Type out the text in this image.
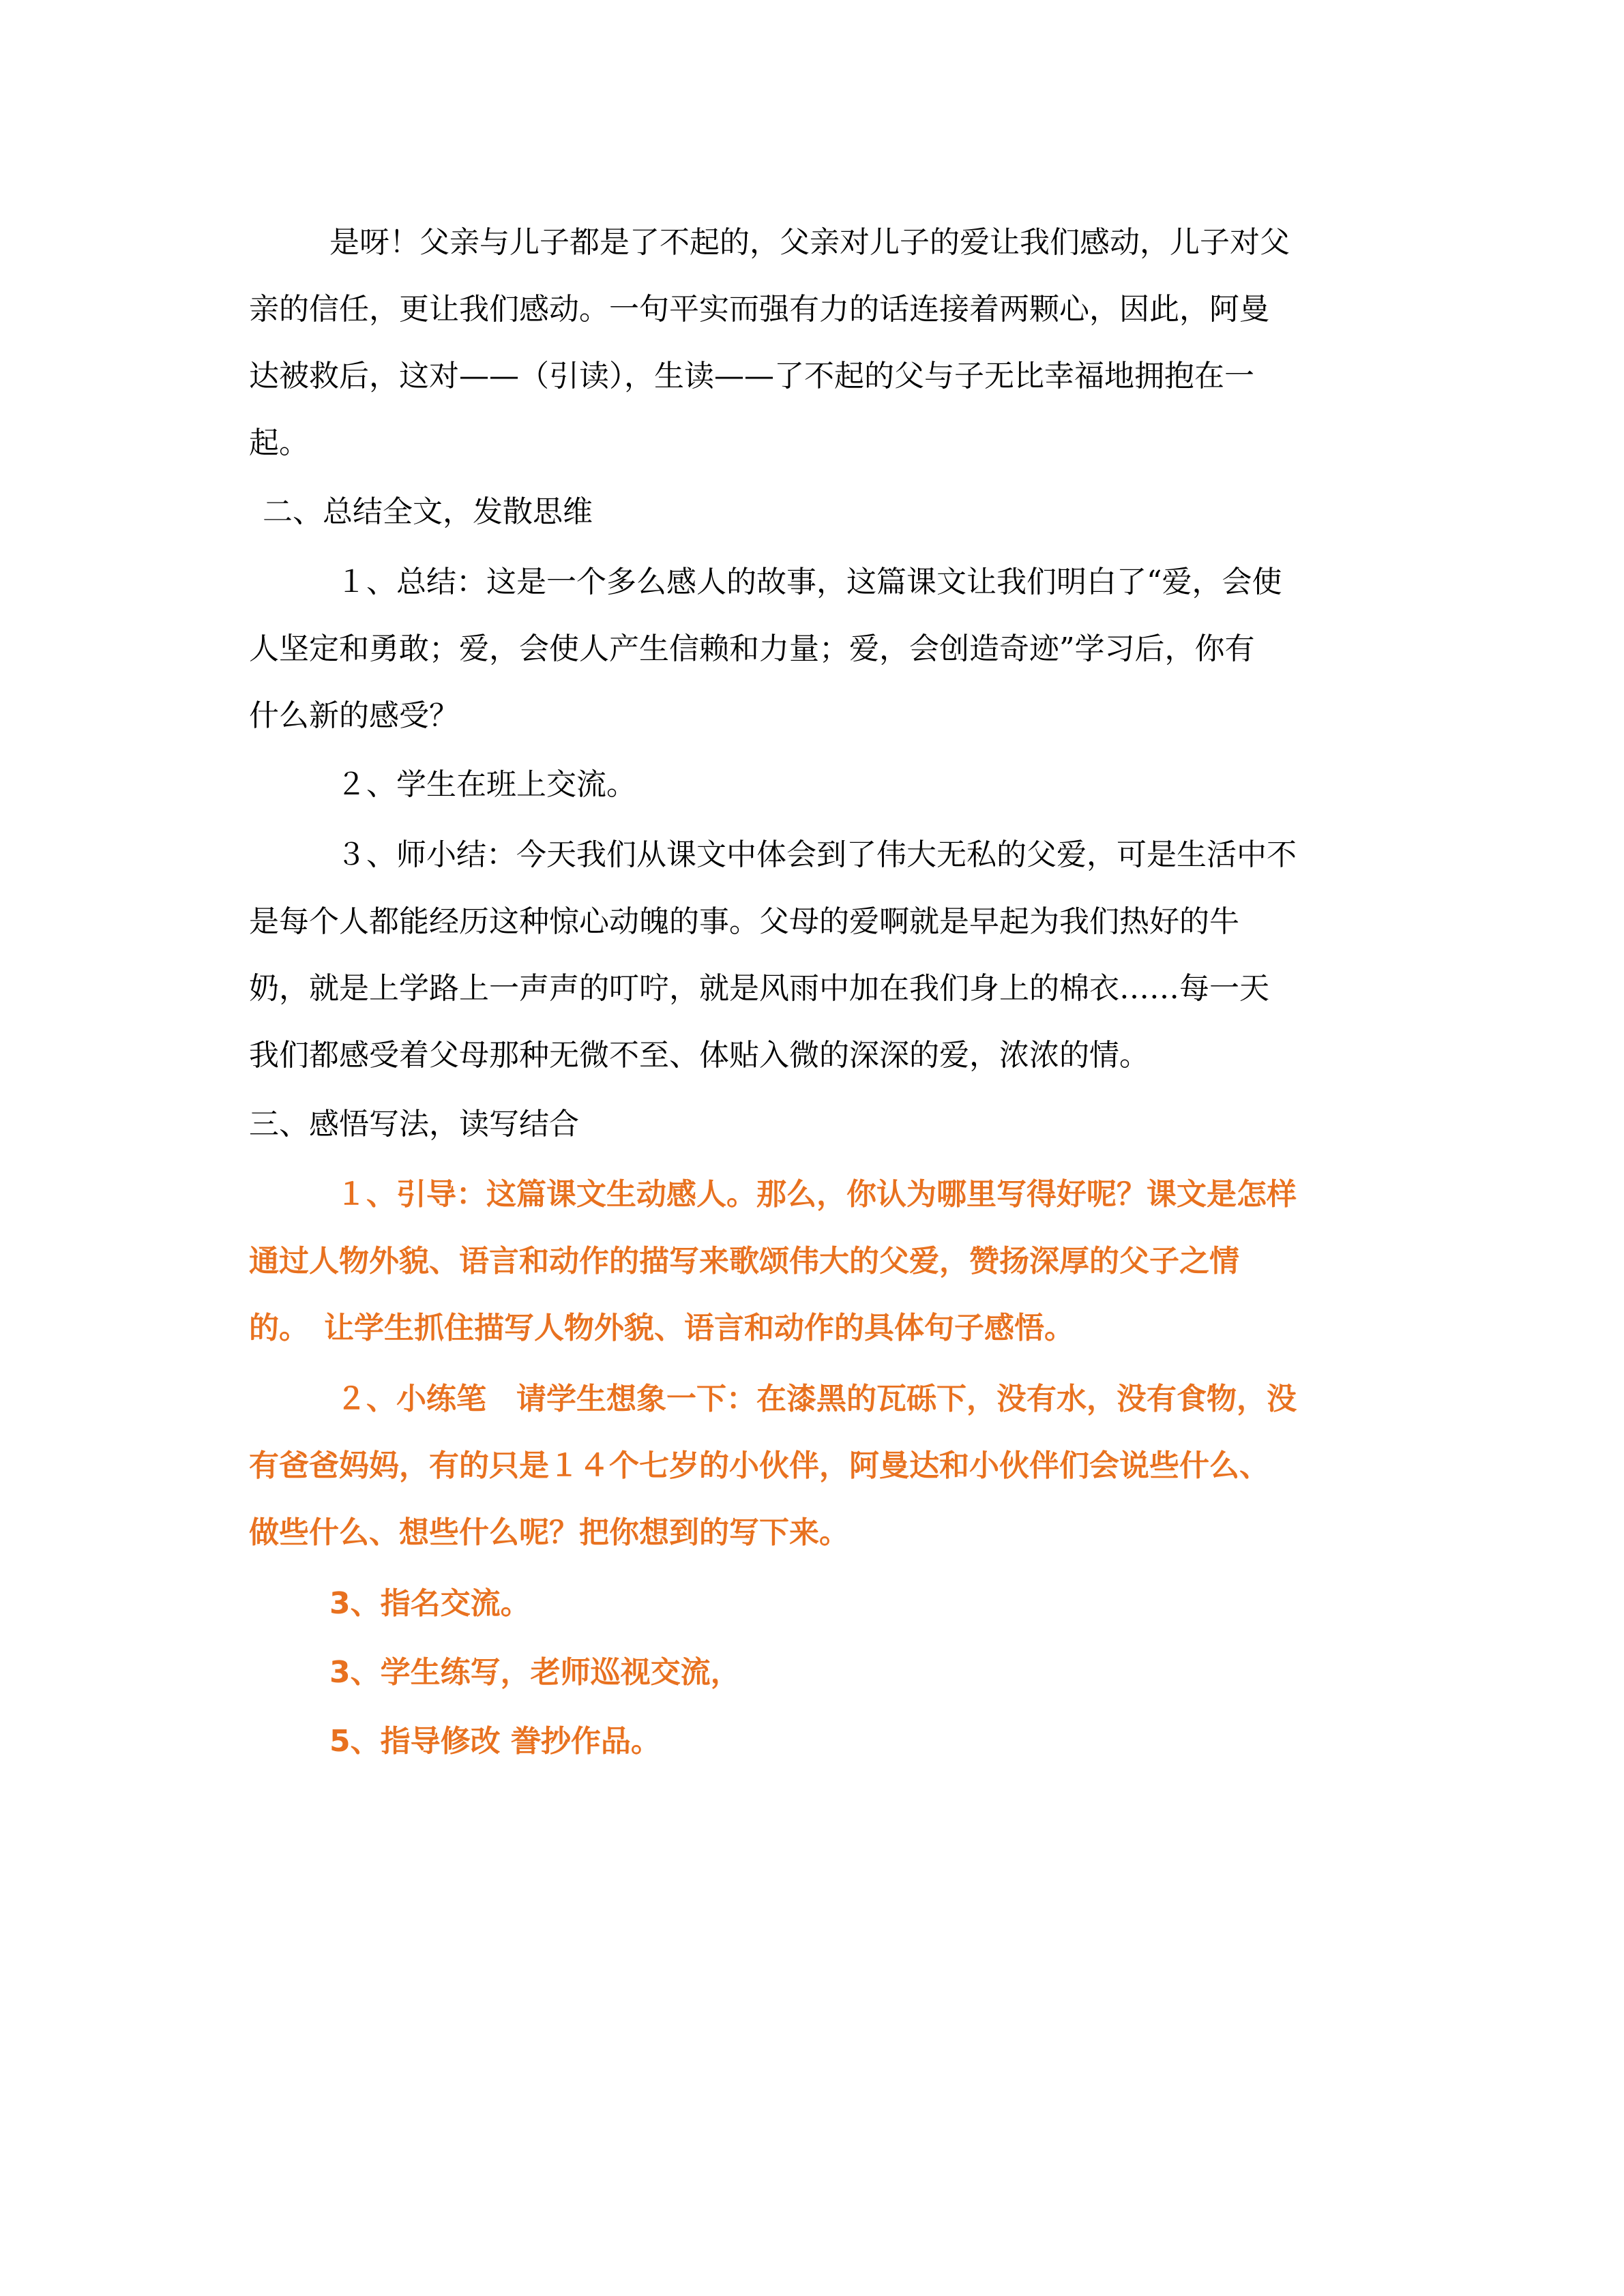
是呀！父亲与儿子都是了不起的，父亲对儿子的爱让我们感动，儿子对父
亲的信任，更让我们感动。一句平实而强有力的话连接着两颗心，因此，阿曼
达被救后，这对——（引读），生读——了不起的父与子无比幸福地拥抱在一
起。
二、总结全文，发散思维
１、总结：这是一个多么感人的故事，这篇课文让我们明白了“爱，会使
人坚定和勇敢；爱，会使人产生信赖和力量；爱，会创造奇迹”学习后，你有
什么新的感受？
２、学生在班上交流。
３、师小结：今天我们从课文中体会到了伟大无私的父爱，可是生活中不
是每个人都能经历这种惊心动魄的事。父母的爱啊就是早起为我们热好的牛
奶，就是上学路上一声声的叮咛，就是风雨中加在我们身上的棉衣……每一天
我们都感受着父母那种无微不至、体贴入微的深深的爱，浓浓的情。
三、感悟写法，读写结合
１、引导：这篇课文生动感人。那么，你认为哪里写得好呢？课文是怎样
通过人物外貌、语言和动作的描写来歌颂伟大的父爱，赞扬深厚的父子之情
的。　让学生抓住描写人物外貌、语言和动作的具体句子感悟。
２、小练笔　请学生想象一下：在漆黑的瓦砾下，没有水，没有食物，没
有爸爸妈妈，有的只是１４个七岁的小伙伴，阿曼达和小伙伴们会说些什么、
做些什么、想些什么呢？把你想到的写下来。
3、指名交流。
3、学生练写，老师巡视交流，
5、指导修改 誊抄作品。
